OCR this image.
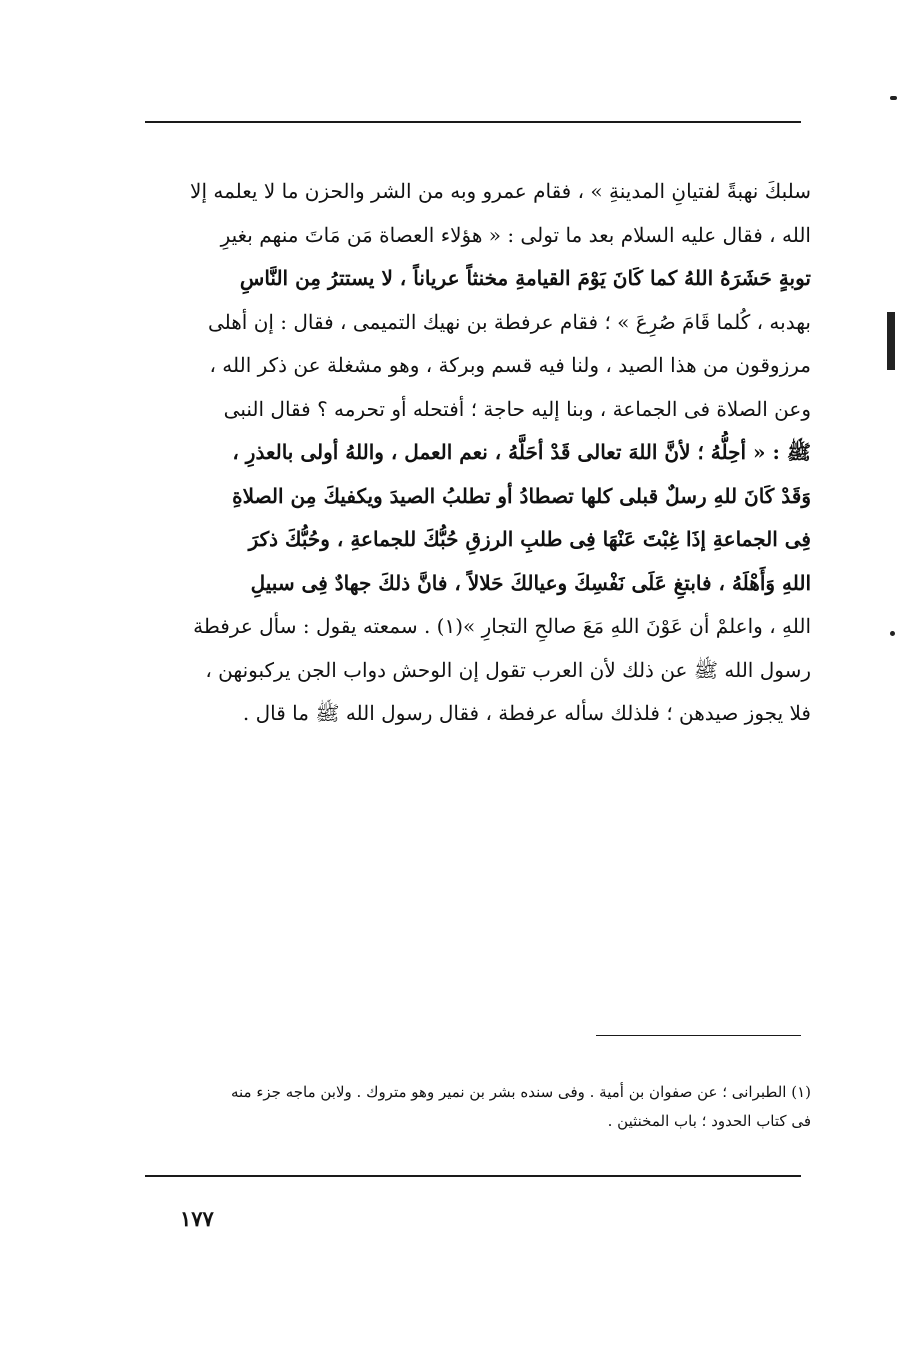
سلبكَ نهبةً لفتيانِ المدينةِ » ، فقام عمرو وبه من الشر والحزن ما لا يعلمه إلا
الله ، فقال عليه السلام بعد ما تولى : « هؤلاء العصاة مَن مَاتَ منهم بغيرِ
توبةٍ حَشَرَهُ اللهُ كما كَانَ يَوْمَ القيامةِ مخنثاً عرياناً ، لا يستترُ مِن النَّاسِ
بهدبه ، كُلما قَامَ صُرِعَ » ؛ فقام عرفطة بن نهيك التميمى ، فقال : إن أهلى
مرزوقون من هذا الصيد ، ولنا فيه قسم وبركة ، وهو مشغلة عن ذكر الله ،
وعن الصلاة فى الجماعة ، وبنا إليه حاجة ؛ أفتحله أو تحرمه ؟ فقال النبى
ﷺ : « أحِلُّهُ ؛ لأنَّ اللهَ تعالى قَدْ أحَلَّهُ ، نعم العمل ، واللهُ أولى بالعذرِ ،
وَقَدْ كَانَ للهِ رسلٌ قبلى كلها تصطادُ أو تطلبُ الصيدَ ويكفيكَ مِن الصلاةِ
فِى الجماعةِ إذَا غِبْتَ عَنْهَا فِى طلبِ الرزقِ حُبُّكَ للجماعةِ ، وحُبُّكَ ذكرَ
اللهِ وَأَهْلَهُ ، فابتغِ عَلَى نَفْسِكَ وعيالكَ حَلالاً ، فانَّ ذلكَ جهادٌ فِى سبيلِ
اللهِ ، واعلمْ أن عَوْنَ اللهِ مَعَ صالحِ التجارِ »(١) . سمعته يقول : سأل عرفطة
رسول الله ﷺ عن ذلك لأن العرب تقول إن الوحش دواب الجن يركبونهن ،
فلا يجوز صيدهن ؛ فلذلك سأله عرفطة ، فقال رسول الله ﷺ ما قال .
(١) الطبرانى ؛ عن صفوان بن أمية . وفى سنده بشر بن نمير وهو متروك . ولابن ماجه جزء منه
فى كتاب الحدود ؛ باب المخنثين .
١٧٧
